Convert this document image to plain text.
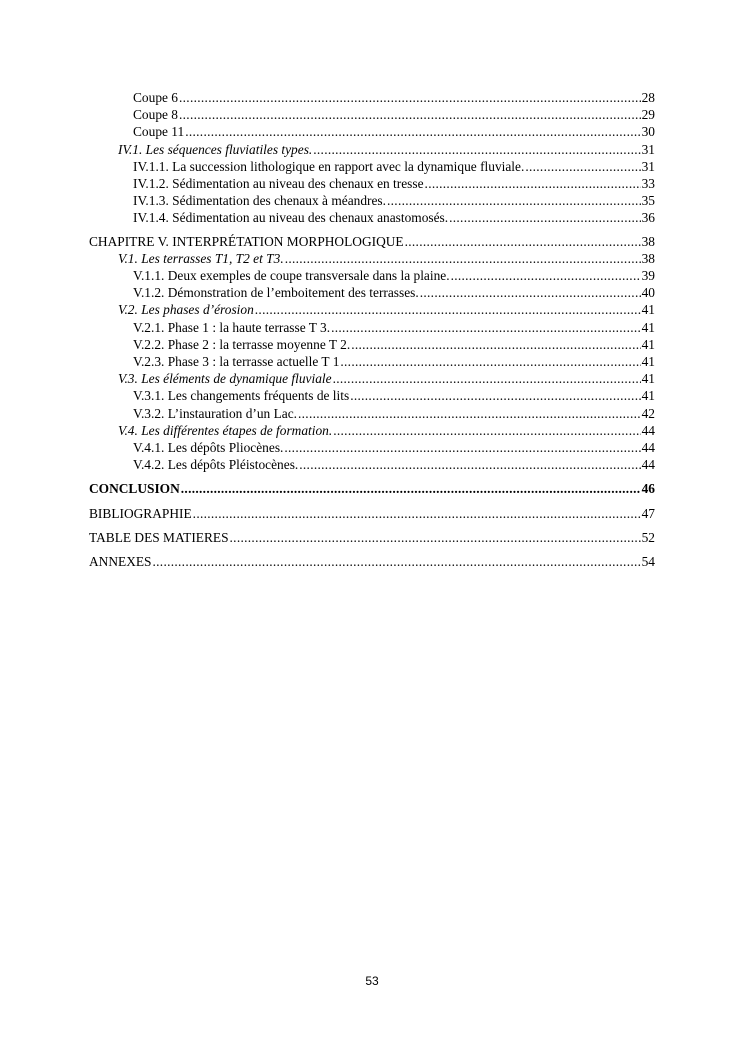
Coupe 6 .....	28
Coupe 8 .....	29
Coupe 11 .....	30
IV.1. Les séquences fluviatiles types. .....	31
IV.1.1. La succession lithologique en rapport avec la dynamique fluviale. .....	31
IV.1.2. Sédimentation au niveau des chenaux en tresse .....	33
IV.1.3. Sédimentation des chenaux à méandres. .....	35
IV.1.4. Sédimentation au niveau des chenaux anastomosés. .....	36
CHAPITRE V. INTERPRÉTATION MORPHOLOGIQUE .....	38
V.1. Les terrasses T1, T2 et T3. .....	38
V.1.1. Deux exemples de coupe transversale dans la plaine. .....	39
V.1.2. Démonstration de l’emboitement des terrasses. .....	40
V.2. Les phases d’érosion .....	41
V.2.1. Phase 1 : la haute terrasse T 3. .....	41
V.2.2. Phase 2 : la terrasse moyenne T 2. .....	41
V.2.3. Phase 3 : la terrasse actuelle T 1 .....	41
V.3. Les éléments de dynamique fluviale .....	41
V.3.1. Les changements fréquents de lits .....	41
V.3.2. L’instauration d’un Lac. .....	42
V.4. Les différentes étapes de formation. .....	44
V.4.1. Les dépôts Pliocènes. .....	44
V.4.2. Les dépôts Pléistocènes. .....	44
CONCLUSION .....	46
BIBLIOGRAPHIE .....	47
TABLE DES MATIERES .....	52
ANNEXES .....	54
53
